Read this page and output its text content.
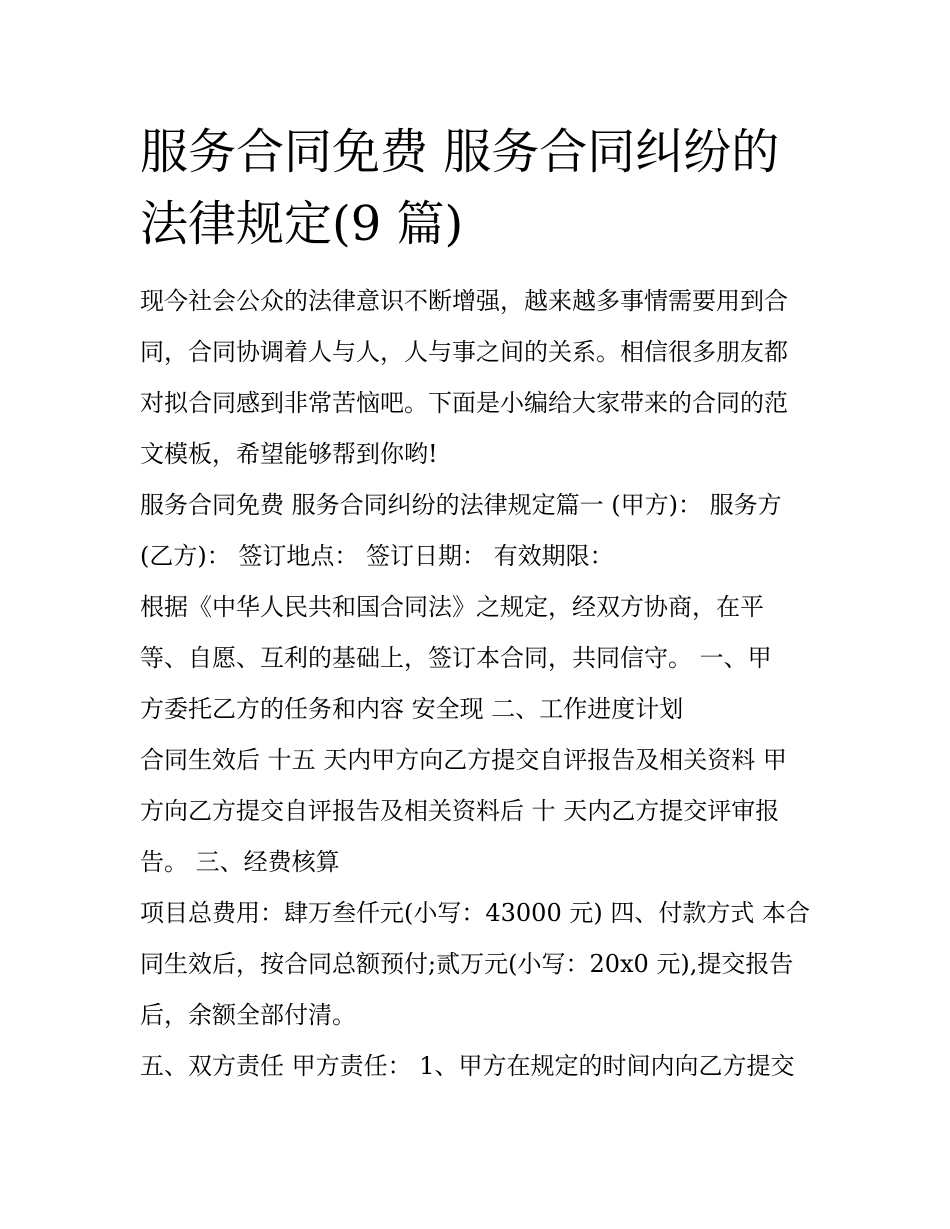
服务合同免费 服务合同纠纷的
法律规定(9 篇)

现今社会公众的法律意识不断增强，越来越多事情需要用到合
同，合同协调着人与人，人与事之间的关系。相信很多朋友都
对拟合同感到非常苦恼吧。下面是小编给大家带来的合同的范
文模板，希望能够帮到你哟!

服务合同免费 服务合同纠纷的法律规定篇一 (甲方)： 服务方
(乙方)： 签订地点： 签订日期： 有效期限：

根据《中华人民共和国合同法》之规定，经双方协商，在平
等、自愿、互利的基础上，签订本合同，共同信守。 一、甲
方委托乙方的任务和内容 安全现 二、工作进度计划

合同生效后 十五 天内甲方向乙方提交自评报告及相关资料 甲
方向乙方提交自评报告及相关资料后 十 天内乙方提交评审报
告。 三、经费核算

项目总费用：肆万叁仟元(小写：43000 元) 四、付款方式 本合
同生效后，按合同总额预付;贰万元(小写：20x0 元),提交报告
后，余额全部付清。

五、双方责任 甲方责任： 1、甲方在规定的时间内向乙方提交
